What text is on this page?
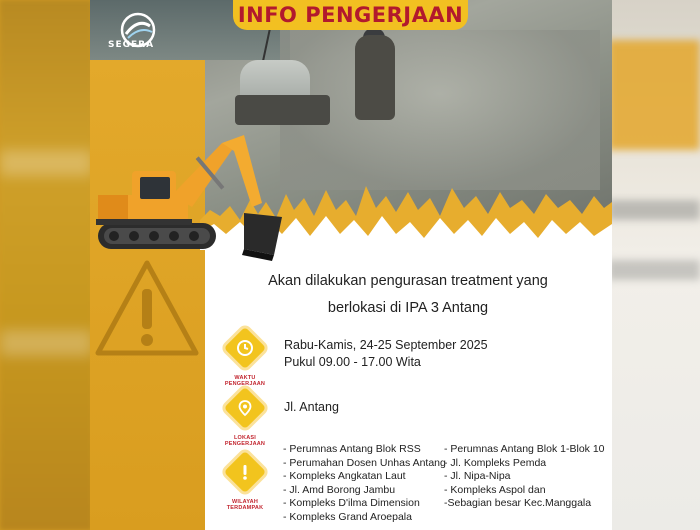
SEGERA
INFO PENGERJAAN
Akan dilakukan pengurasan treatment yang
berlokasi di IPA 3 Antang
WAKTU PENGERJAAN
Rabu-Kamis, 24-25 September 2025
Pukul 09.00 - 17.00 Wita
LOKASI PENGERJAAN
Jl. Antang
WILAYAH TERDAMPAK
- Perumnas Antang Blok RSS
- Perumahan Dosen Unhas Antang
- Kompleks Angkatan Laut
- Jl. Amd Borong Jambu
- Kompleks D'ilma Dimension
- Kompleks Grand Aroepala
- Perumnas Antang Blok 1-Blok 10
- Jl. Kompleks Pemda
- Jl. Nipa-Nipa
- Kompleks Aspol dan
-Sebagian besar Kec.Manggala
